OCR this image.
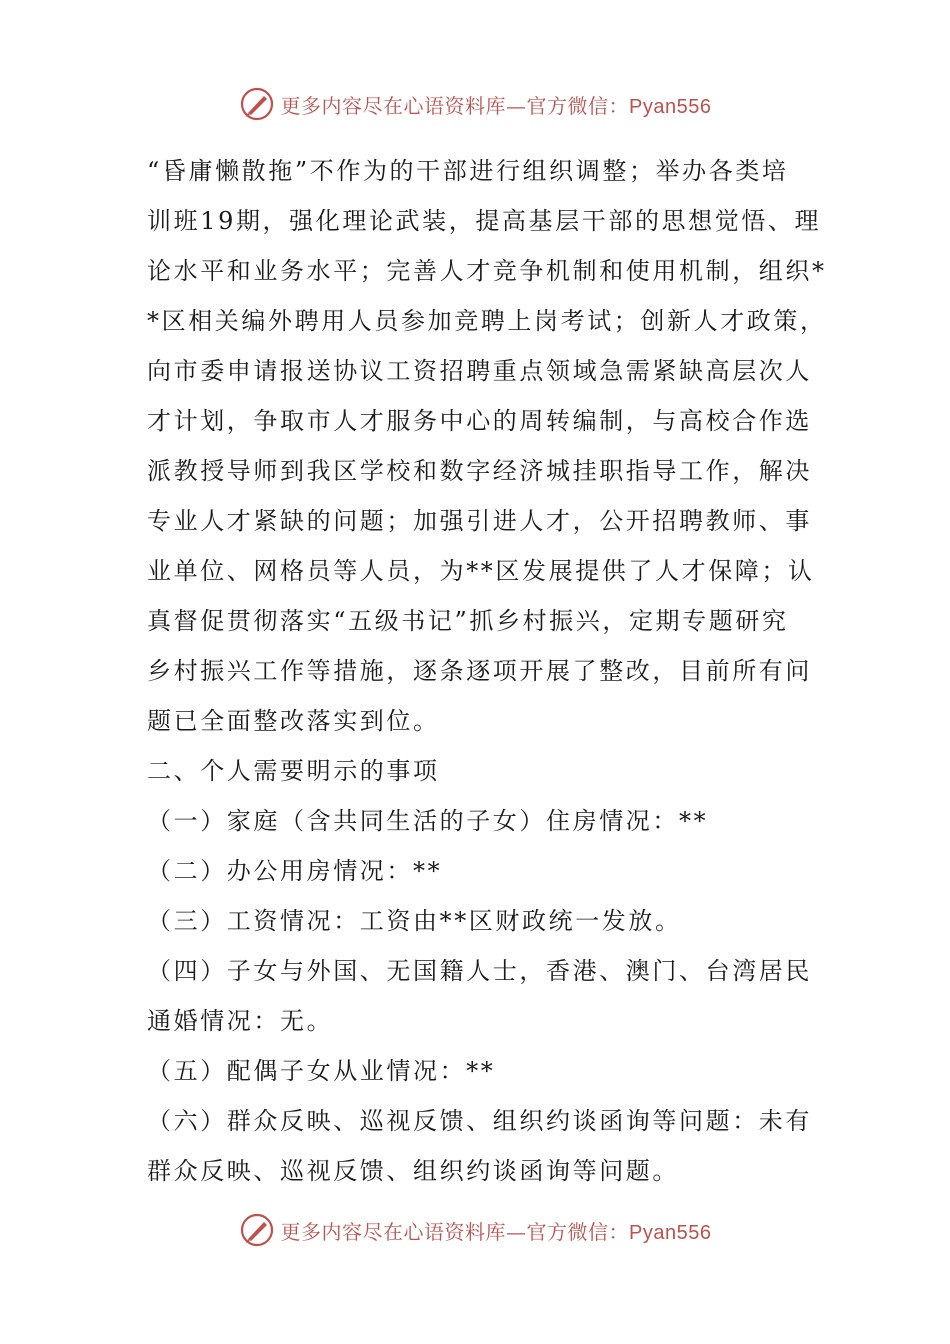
更多内容尽在心语资料库—官方微信：Pyan556

“昏庸懒散拖”不作为的干部进行组织调整；举办各类培
训班19期，强化理论武装，提高基层干部的思想觉悟、理
论水平和业务水平；完善人才竞争机制和使用机制，组织*
*区相关编外聘用人员参加竞聘上岗考试；创新人才政策，
向市委申请报送协议工资招聘重点领域急需紧缺高层次人
才计划，争取市人才服务中心的周转编制，与高校合作选
派教授导师到我区学校和数字经济城挂职指导工作，解决
专业人才紧缺的问题；加强引进人才，公开招聘教师、事
业单位、网格员等人员，为**区发展提供了人才保障；认
真督促贯彻落实“五级书记”抓乡村振兴，定期专题研究
乡村振兴工作等措施，逐条逐项开展了整改，目前所有问
题已全面整改落实到位。
二、个人需要明示的事项
（一）家庭（含共同生活的子女）住房情况：**
（二）办公用房情况：**
（三）工资情况：工资由**区财政统一发放。
（四）子女与外国、无国籍人士，香港、澳门、台湾居民
通婚情况：无。
（五）配偶子女从业情况：**
（六）群众反映、巡视反馈、组织约谈函询等问题：未有
群众反映、巡视反馈、组织约谈函询等问题。

更多内容尽在心语资料库—官方微信：Pyan556
